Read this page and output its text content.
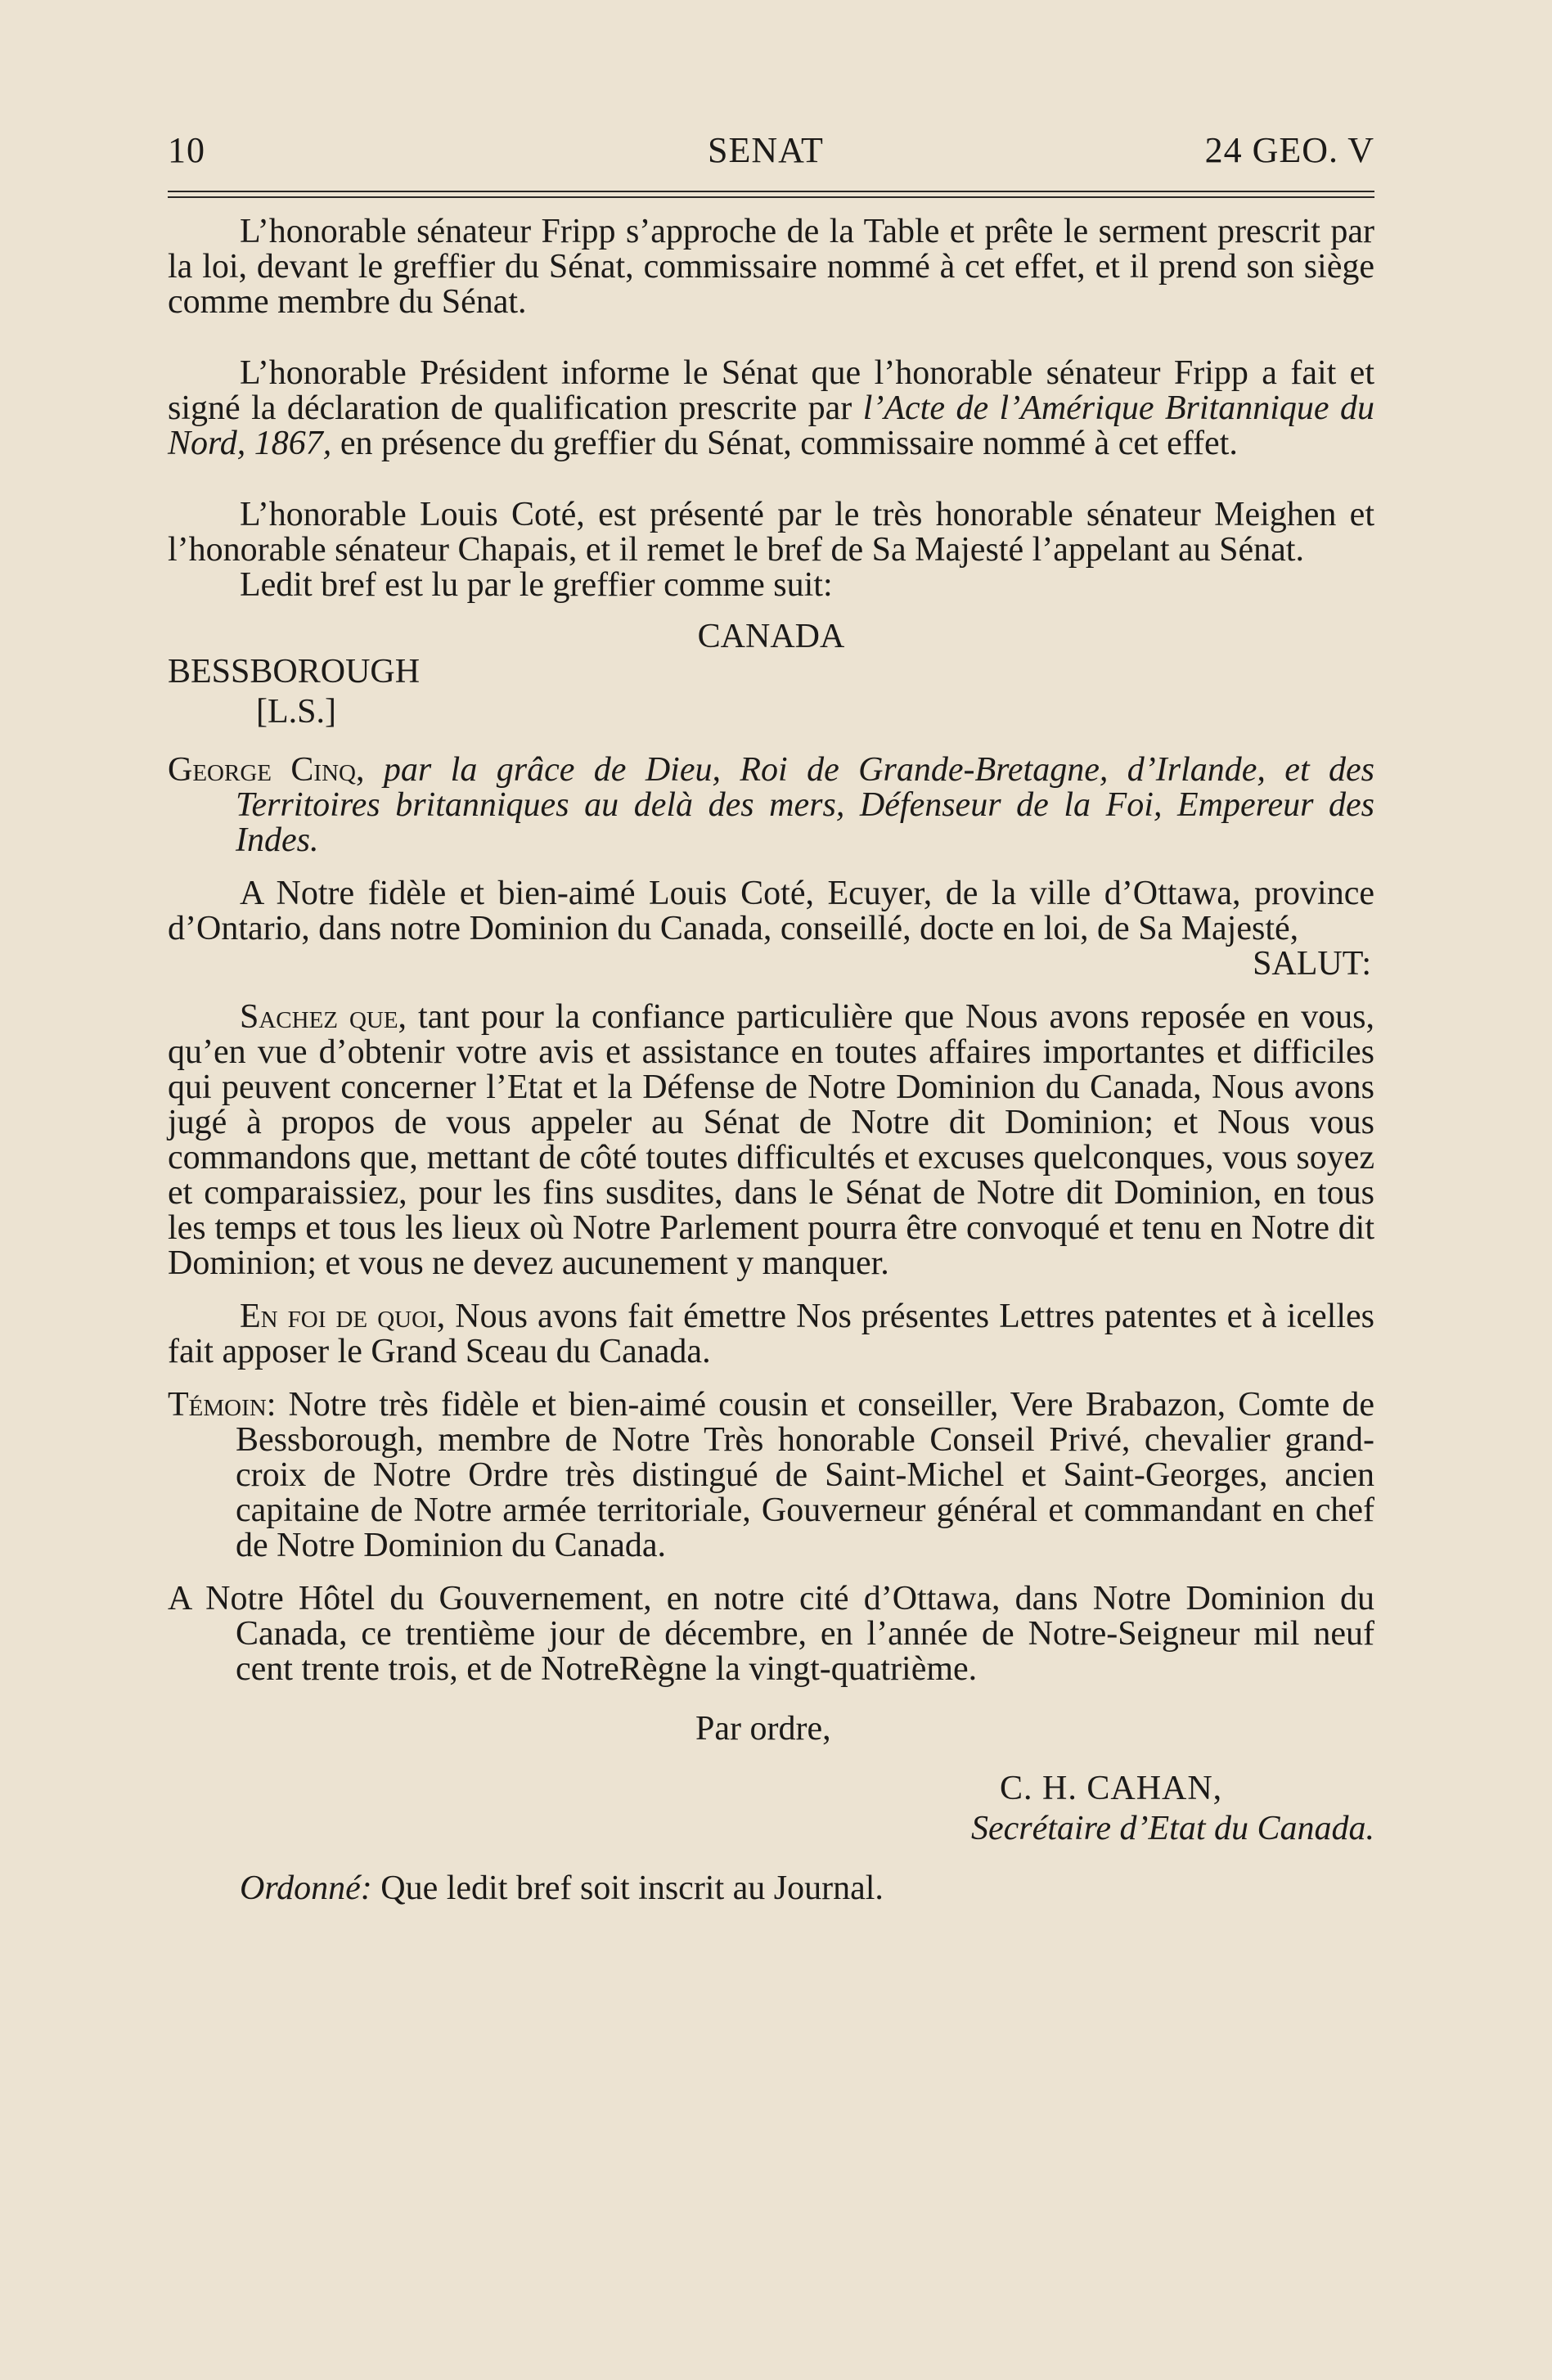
10	SENAT	24 GEO. V

L’honorable sénateur Fripp s’approche de la Table et prête le serment prescrit par la loi, devant le greffier du Sénat, commissaire nommé à cet effet, et il prend son siège comme membre du Sénat.

L’honorable Président informe le Sénat que l’honorable sénateur Fripp a fait et signé la déclaration de qualification prescrite par l’Acte de l’Amérique Britannique du Nord, 1867, en présence du greffier du Sénat, commissaire nommé à cet effet.

L’honorable Louis Coté, est présenté par le très honorable sénateur Meighen et l’honorable sénateur Chapais, et il remet le bref de Sa Majesté l’appelant au Sénat.

Ledit bref est lu par le greffier comme suit:

CANADA

BESSBOROUGH

[L.S.]

George Cinq, par la grâce de Dieu, Roi de Grande-Bretagne, d’Irlande, et des Territoires britanniques au delà des mers, Défenseur de la Foi, Empereur des Indes.

A Notre fidèle et bien-aimé Louis Coté, Ecuyer, de la ville d’Ottawa, province d’Ontario, dans notre Dominion du Canada, conseillé, docte en loi, de Sa Majesté,

SALUT:

Sachez que, tant pour la confiance particulière que Nous avons reposée en vous, qu’en vue d’obtenir votre avis et assistance en toutes affaires importantes et difficiles qui peuvent concerner l’Etat et la Défense de Notre Dominion du Canada, Nous avons jugé à propos de vous appeler au Sénat de Notre dit Dominion; et Nous vous commandons que, mettant de côté toutes difficultés et excuses quelconques, vous soyez et comparaissiez, pour les fins susdites, dans le Sénat de Notre dit Dominion, en tous les temps et tous les lieux où Notre Parlement pourra être convoqué et tenu en Notre dit Dominion; et vous ne devez aucunement y manquer.

En foi de quoi, Nous avons fait émettre Nos présentes Lettres patentes et à icelles fait apposer le Grand Sceau du Canada.

Témoin: Notre très fidèle et bien-aimé cousin et conseiller, Vere Brabazon, Comte de Bessborough, membre de Notre Très honorable Conseil Privé, chevalier grand-croix de Notre Ordre très distingué de Saint-Michel et Saint-Georges, ancien capitaine de Notre armée territoriale, Gouverneur général et commandant en chef de Notre Dominion du Canada.

A Notre Hôtel du Gouvernement, en notre cité d’Ottawa, dans Notre Dominion du Canada, ce trentième jour de décembre, en l’année de Notre-Seigneur mil neuf cent trente trois, et de NotreRègne la vingt-quatrième.

Par ordre,

C. H. CAHAN,

Secrétaire d’Etat du Canada.

Ordonné: Que ledit bref soit inscrit au Journal.
